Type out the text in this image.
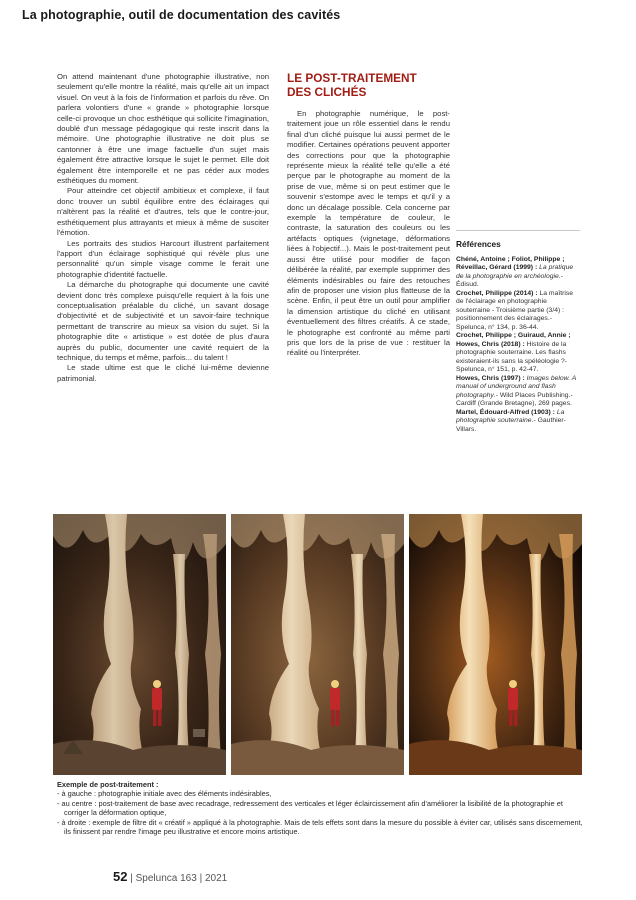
La photographie, outil de documentation des cavités

On attend maintenant d'une photographie illustrative, non seulement qu'elle montre la réalité, mais qu'elle ait un impact visuel. On veut à la fois de l'information et parfois du rêve. On parlera volontiers d'une « grande » photographie lorsque celle-ci provoque un choc esthétique qui sollicite l'imagination, doublé d'un message pédagogique qui reste inscrit dans la mémoire. Une photographie illustrative ne doit plus se cantonner à être une image factuelle d'un sujet mais également être attractive lorsque le sujet le permet. Elle doit également être intemporelle et ne pas céder aux modes esthétiques du moment.

Pour atteindre cet objectif ambitieux et complexe, il faut donc trouver un subtil équilibre entre des éclairages qui n'altèrent pas la réalité et d'autres, tels que le contre-jour, esthétiquement plus attrayants et mieux à même de susciter l'émotion.

Les portraits des studios Harcourt illustrent parfaitement l'apport d'un éclairage sophistiqué qui révèle plus une personnalité qu'un simple visage comme le ferait une photographie d'identité factuelle.

La démarche du photographe qui documente une cavité devient donc très complexe puisqu'elle requiert à la fois une conceptualisation préalable du cliché, un savant dosage d'objectivité et de subjectivité et un savoir-faire technique permettant de transcrire au mieux sa vision du sujet. Si la photographie dite « artistique » est dotée de plus d'aura auprès du public, documenter une cavité requiert de la technique, du temps et même, parfois... du talent !

Le stade ultime est que le cliché lui-même devienne patrimonial.

LE POST-TRAITEMENT
DES CLICHÉS

En photographie numérique, le post-traitement joue un rôle essentiel dans le rendu final d'un cliché puisque lui aussi permet de le modifier. Certaines opérations peuvent apporter des corrections pour que la photographie représente mieux la réalité telle qu'elle a été perçue par le photographe au moment de la prise de vue, même si on peut estimer que le souvenir s'estompe avec le temps et qu'il y a donc un décalage possible. Cela concerne par exemple la température de couleur, le contraste, la saturation des couleurs ou les artéfacts optiques (vignetage, déformations liées à l'objectif...). Mais le post-traitement peut aussi être utilisé pour modifier de façon délibérée la réalité, par exemple supprimer des éléments indésirables ou faire des retouches afin de proposer une vision plus flatteuse de la scène. Enfin, il peut être un outil pour amplifier la dimension artistique du cliché en utilisant éventuellement des filtres créatifs. À ce stade, le photographe est confronté au même parti pris que lors de la prise de vue : restituer la réalité ou l'interpréter.

Références
Chéné, Antoine ; Foliot, Philippe ; Réveillac, Gérard (1999) : La pratique de la photographie en archéologie.- Édisud.
Crochet, Philippe (2014) : La maîtrise de l'éclairage en photographie souterraine - Troisième partie (3/4) : positionnement des éclairages.- Spelunca, n° 134, p. 36-44.
Crochet, Philippe ; Guiraud, Annie ; Howes, Chris (2018) : Histoire de la photographie souterraine. Les flashs existeraient-ils sans la spéléologie ?- Spelunca, n° 151, p. 42-47.
Howes, Chris (1997) : Images below. A manual of underground and flash photography.- Wild Places Publishing.- Cardiff (Grande Bretagne), 269 pages.
Martel, Édouard-Alfred (1903) : La photographie souterraine.- Gauthier-Villars.
Exemple de post-traitement :
- à gauche : photographie initiale avec des éléments indésirables,
- au centre : post-traitement de base avec recadrage, redressement des verticales et léger éclaircissement afin d'améliorer la lisibilité de la photographie et corriger la déformation optique,
- à droite : exemple de filtre dit « créatif » appliqué à la photographie. Mais de tels effets sont dans la mesure du possible à éviter car, utilisés sans discernement, ils finissent par rendre l'image peu illustrative et encore moins artistique.
52 | Spelunca 163 | 2021
